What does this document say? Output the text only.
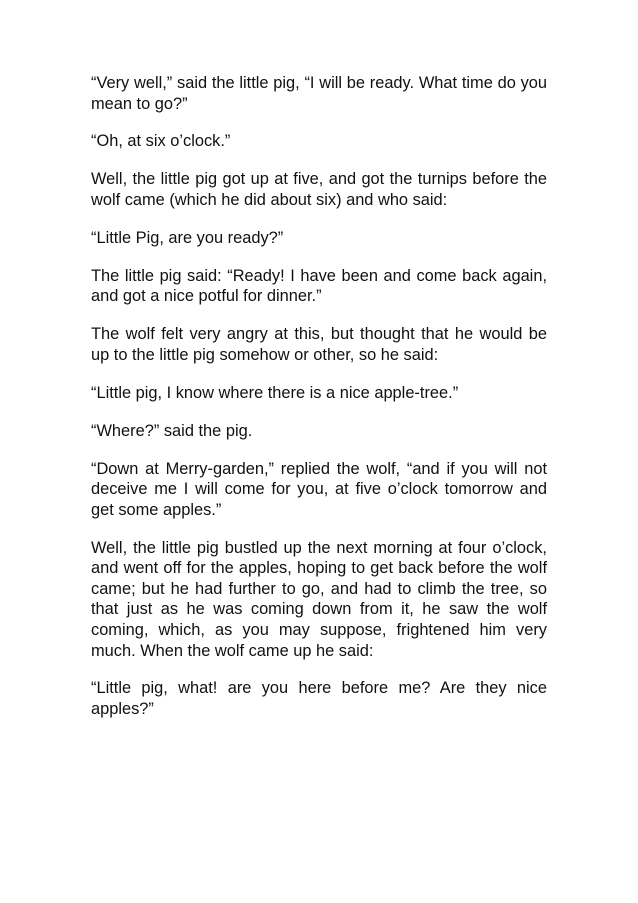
“Very well,” said the little pig, “I will be ready. What time do you mean to go?”

“Oh, at six o’clock.”

Well, the little pig got up at five, and got the turnips before the wolf came (which he did about six) and who said:

“Little Pig, are you ready?”

The little pig said: “Ready! I have been and come back again, and got a nice potful for dinner.”

The wolf felt very angry at this, but thought that he would be up to the little pig somehow or other, so he said:

“Little pig, I know where there is a nice apple-tree.”

“Where?” said the pig.

“Down at Merry-garden,” replied the wolf, “and if you will not deceive me I will come for you, at five o’clock tomorrow and get some apples.”

Well, the little pig bustled up the next morning at four o’clock, and went off for the apples, hoping to get back before the wolf came; but he had further to go, and had to climb the tree, so that just as he was coming down from it, he saw the wolf coming, which, as you may suppose, frightened him very much. When the wolf came up he said:

“Little pig, what! are you here before me? Are they nice apples?”
